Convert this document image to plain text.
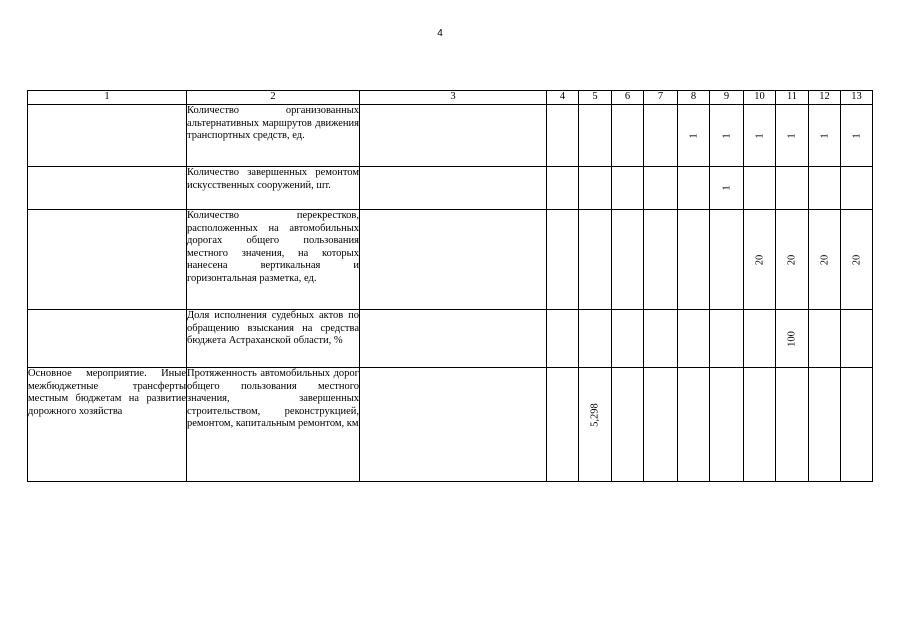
4
1	2	3	4	5	6	7	8	9	10	11	12	13
	Количество организованных альтернативных маршрутов движения транспортных средств, ед.						1	1	1	1	1	1

	Количество завершенных ремонтом искусственных сооружений, шт.							1				

	Количество перекрестков, расположенных на автомобильных дорогах общего пользования местного значения, на которых нанесена вертикальная и горизонтальная разметка, ед.								20	20	20	20

	Доля исполнения судебных актов по обращению взыскания на средства бюджета Астраханской области, %									100		

Основное мероприятие. Иные межбюджетные трансферты местным бюджетам на развитие дорожного хозяйства	Протяженность автомобильных дорог общего пользования местного значения, завершенных строительством, реконструкцией, ремонтом, капитальным ремонтом, км			5,298								
